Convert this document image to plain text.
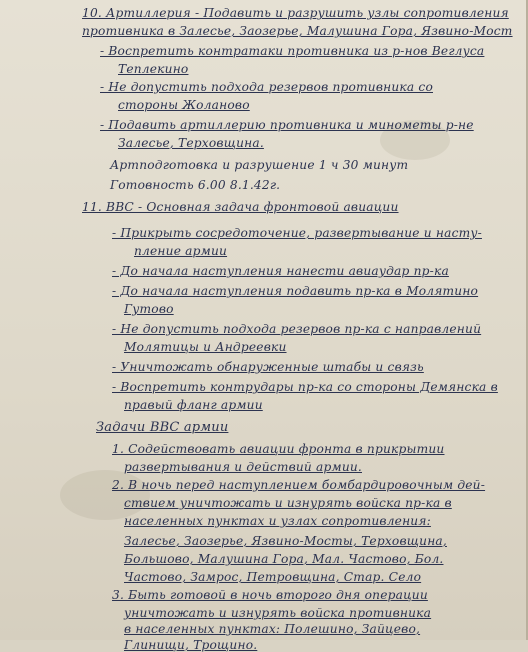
10. Артиллерия - Подавить и разрушить узлы сопротивления
противника в Залесье, Заозерье, Малушина Гора, Язвино-Мост
- Воспретить контратаки противника из р-нов Веглуса
Теплекино
- Не допустить подхода резервов противника со
стороны Жоланово
- Подавить артиллерию противника и минометы р-не
Залесье, Терховщина.
Артподготовка и разрушение 1 ч 30 минут
Готовность 6.00 8.1.42г.
11. ВВС - Основная задача фронтовой авиации
- Прикрыть сосредоточение, развертывание и насту-
пление армии
- До начала наступления нанести авиаудар пр-ка
- До начала наступления подавить пр-ка в Молятино
Гутово
- Не допустить подхода резервов пр-ка с направлений
Молятицы и Андреевки
- Уничтожать обнаруженные штабы и связь
- Воспретить контрудары пр-ка со стороны Демянска в
правый фланг армии
Задачи ВВС армии
1. Содействовать авиации фронта в прикрытии
развертывания и действий армии.
2. В ночь перед наступлением бомбардировочным дей-
ствием уничтожать и изнурять войска пр-ка в
населенных пунктах и узлах сопротивления:
Залесье, Заозерье, Язвино-Мосты, Терховщина,
Большово, Малушина Гора, Мал. Частово, Бол.
Частово, Замрос, Петровщина, Стар. Село
3. Быть готовой в ночь второго дня операции
уничтожать и изнурять войска противника
в населенных пунктах: Полешино, Зайцево,
Глинищи, Трощино.
